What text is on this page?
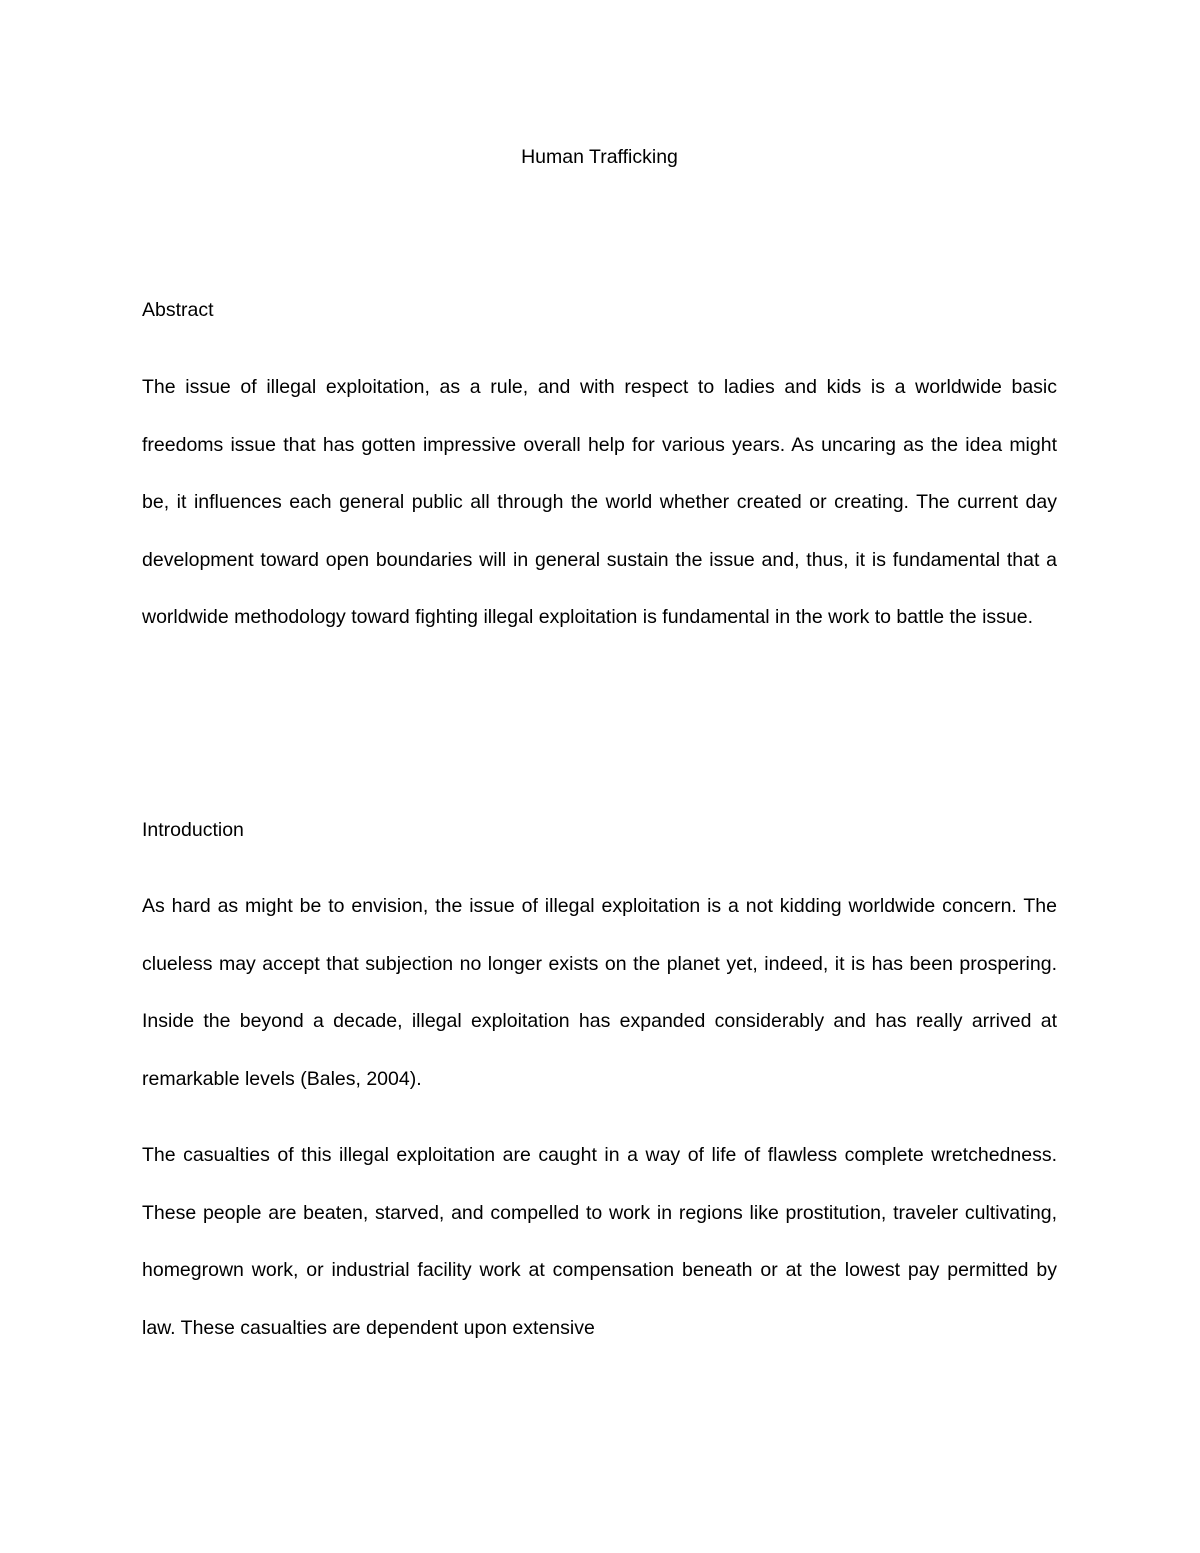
Human Trafficking
Abstract

The issue of illegal exploitation, as a rule, and with respect to ladies and kids is a worldwide basic freedoms issue that has gotten impressive overall help for various years. As uncaring as the idea might be, it influences each general public all through the world whether created or creating. The current day development toward open boundaries will in general sustain the issue and, thus, it is fundamental that a worldwide methodology toward fighting illegal exploitation is fundamental in the work to battle the issue.

Introduction

As hard as might be to envision, the issue of illegal exploitation is a not kidding worldwide concern. The clueless may accept that subjection no longer exists on the planet yet, indeed, it is has been prospering. Inside the beyond a decade, illegal exploitation has expanded considerably and has really arrived at remarkable levels (Bales, 2004).

The casualties of this illegal exploitation are caught in a way of life of flawless complete wretchedness. These people are beaten, starved, and compelled to work in regions like prostitution, traveler cultivating, homegrown work, or industrial facility work at compensation beneath or at the lowest pay permitted by law. These casualties are dependent upon extensive
